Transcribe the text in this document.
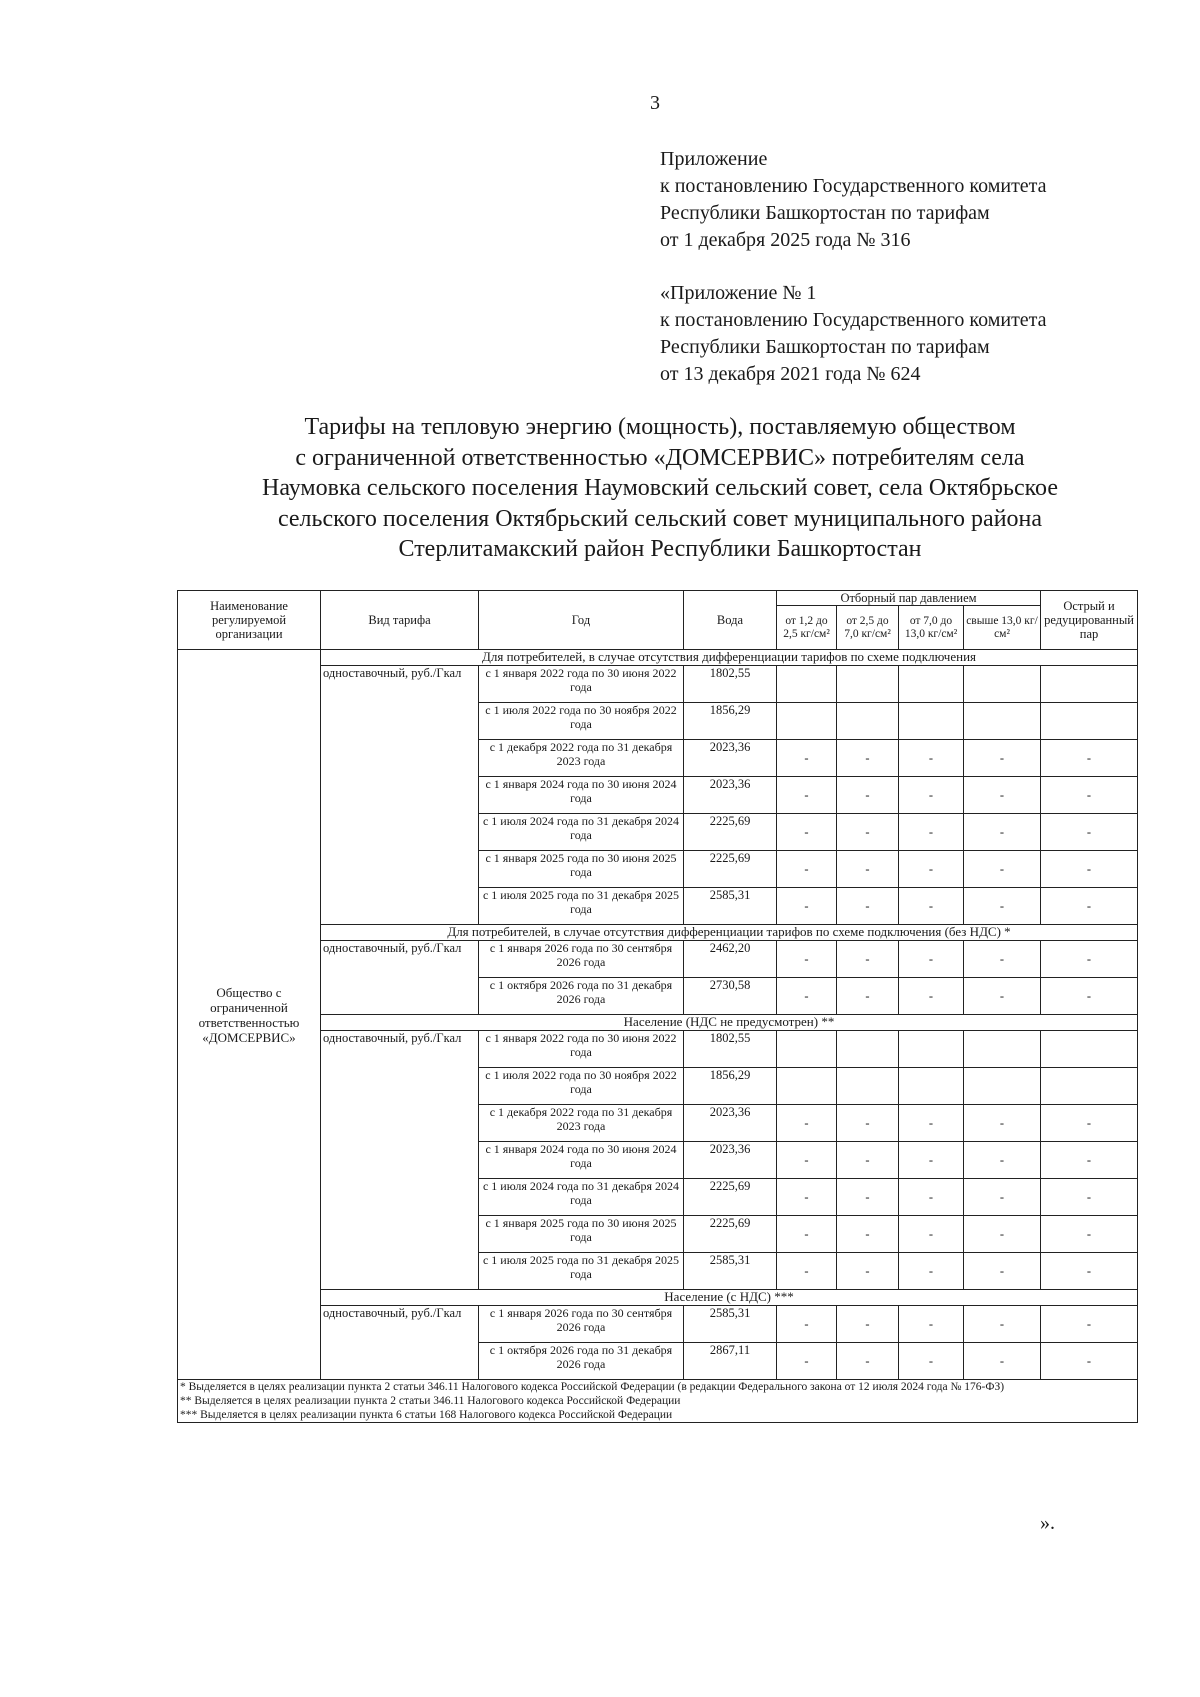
3
Приложение
к постановлению Государственного комитета
Республики Башкортостан по тарифам
от 1 декабря 2025 года № 316
«Приложение № 1
к постановлению Государственного комитета
Республики Башкортостан по тарифам
от 13 декабря 2021 года № 624
Тарифы на тепловую энергию (мощность), поставляемую обществом
с ограниченной ответственностью «ДОМСЕРВИС» потребителям села
Наумовка сельского поселения Наумовский сельский совет, села Октябрьское
сельского поселения Октябрьский сельский совет муниципального района
Стерлитамакский район Республики Башкортостан
Наименование регулируемой организации	Вид тарифа	Год	Вода	Отборный пар давлением				Острый и редуцированный пар
				от 1,2 до 2,5 кг/см²	от 2,5 до 7,0 кг/см²	от 7,0 до 13,0 кг/см²	свыше 13,0 кг/см²	
Общество с ограниченной ответственностью «ДОМСЕРВИС»	Для потребителей, в случае отсутствия дифференциации тарифов по схеме подключения							
	одноставочный, руб./Гкал	с 1 января 2022 года по 30 июня 2022 года	1802,55					
		с 1 июля 2022 года по 30 ноября 2022 года	1856,29					
		с 1 декабря 2022 года по 31 декабря 2023 года	2023,36	-	-	-	-	-
		с 1 января 2024 года по 30 июня 2024 года	2023,36	-	-	-	-	-
		с 1 июля 2024 года по 31 декабря 2024 года	2225,69	-	-	-	-	-
		с 1 января 2025 года по 30 июня 2025 года	2225,69	-	-	-	-	-
		с 1 июля 2025 года по 31 декабря 2025 года	2585,31	-	-	-	-	-
	Для потребителей, в случае отсутствия дифференциации тарифов по схеме подключения (без НДС) *							
	одноставочный, руб./Гкал	с 1 января 2026 года по 30 сентября 2026 года	2462,20	-	-	-	-	-
		с 1 октября 2026 года по 31 декабря 2026 года	2730,58	-	-	-	-	-
	Население (НДС не предусмотрен) **							
	одноставочный, руб./Гкал	с 1 января 2022 года по 30 июня 2022 года	1802,55					
		с 1 июля 2022 года по 30 ноября 2022 года	1856,29					
		с 1 декабря 2022 года по 31 декабря 2023 года	2023,36	-	-	-	-	-
		с 1 января 2024 года по 30 июня 2024 года	2023,36	-	-	-	-	-
		с 1 июля 2024 года по 31 декабря 2024 года	2225,69	-	-	-	-	-
		с 1 января 2025 года по 30 июня 2025 года	2225,69	-	-	-	-	-
		с 1 июля 2025 года по 31 декабря 2025 года	2585,31	-	-	-	-	-
	Население (с НДС) ***							
	одноставочный, руб./Гкал	с 1 января 2026 года по 30 сентября 2026 года	2585,31	-	-	-	-	-
		с 1 октября 2026 года по 31 декабря 2026 года	2867,11	-	-	-	-	-

* Выделяется в целях реализации пункта 2 статьи 346.11 Налогового кодекса Российской Федерации (в редакции Федерального закона от 12 июля 2024 года № 176-ФЗ)
** Выделяется в целях реализации пункта 2 статьи 346.11 Налогового кодекса Российской Федерации
*** Выделяется в целях реализации пункта 6 статьи 168 Налогового кодекса Российской Федерации								
».
